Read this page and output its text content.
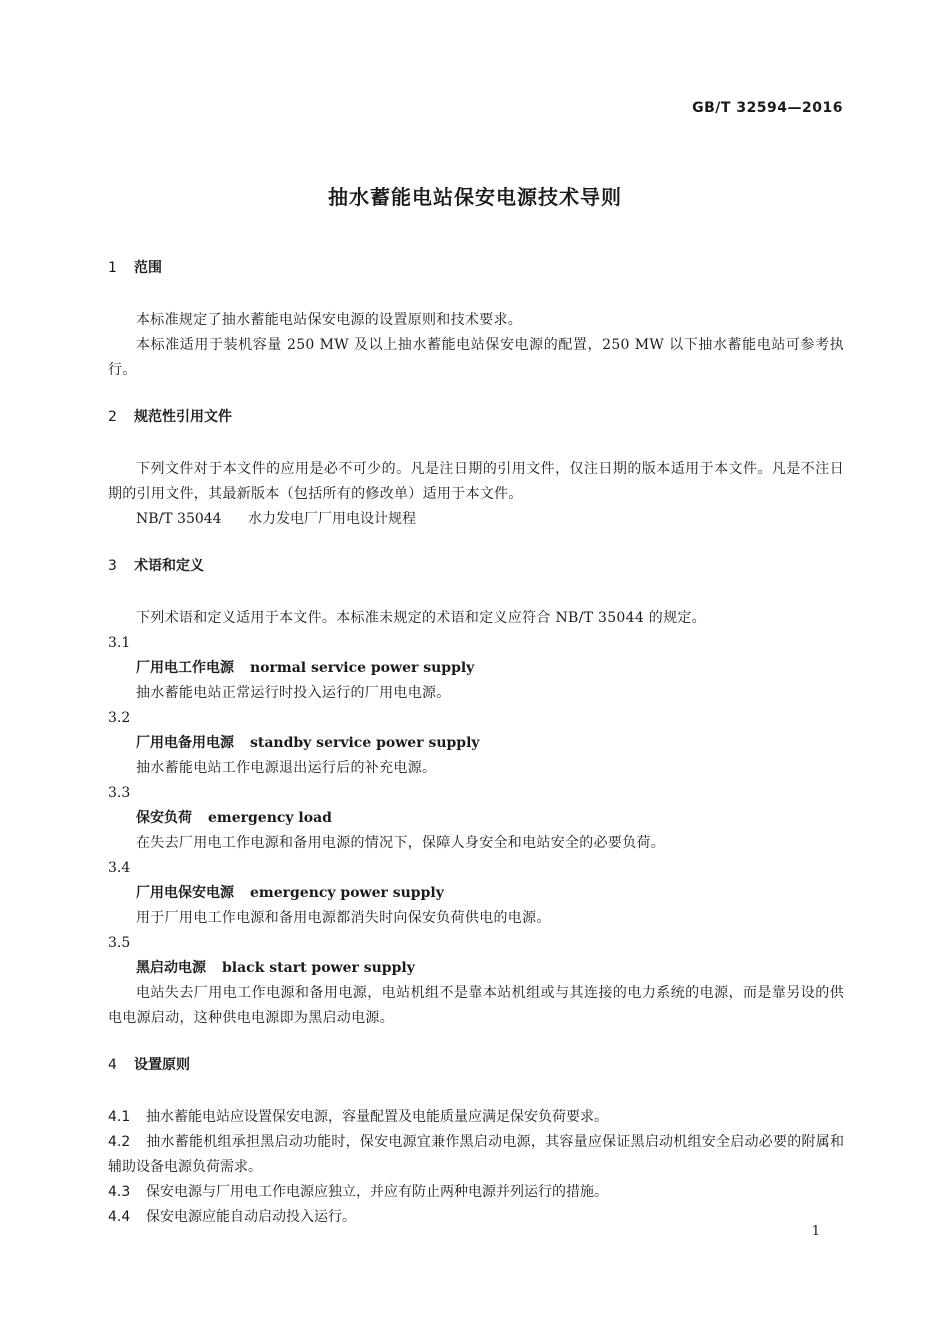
GB/T 32594—2016
抽水蓄能电站保安电源技术导则
1 范围

本标准规定了抽水蓄能电站保安电源的设置原则和技术要求。

本标准适用于装机容量 250 MW 及以上抽水蓄能电站保安电源的配置，250 MW 以下抽水蓄能电站可参考执行。

2 规范性引用文件

下列文件对于本文件的应用是必不可少的。凡是注日期的引用文件，仅注日期的版本适用于本文件。凡是不注日期的引用文件，其最新版本（包括所有的修改单）适用于本文件。

NB/T 35044 水力发电厂厂用电设计规程

3 术语和定义

下列术语和定义适用于本文件。本标准未规定的术语和定义应符合 NB/T 35044 的规定。

3.1

厂用电工作电源 normal service power supply

抽水蓄能电站正常运行时投入运行的厂用电电源。

3.2

厂用电备用电源 standby service power supply

抽水蓄能电站工作电源退出运行后的补充电源。

3.3

保安负荷 emergency load

在失去厂用电工作电源和备用电源的情况下，保障人身安全和电站安全的必要负荷。

3.4

厂用电保安电源 emergency power supply

用于厂用电工作电源和备用电源都消失时向保安负荷供电的电源。

3.5

黑启动电源 black start power supply

电站失去厂用电工作电源和备用电源，电站机组不是靠本站机组或与其连接的电力系统的电源，而是靠另设的供电电源启动，这种供电电源即为黑启动电源。

4 设置原则

4.1 抽水蓄能电站应设置保安电源，容量配置及电能质量应满足保安负荷要求。

4.2 抽水蓄能机组承担黑启动功能时，保安电源宜兼作黑启动电源，其容量应保证黑启动机组安全启动必要的附属和辅助设备电源负荷需求。

4.3 保安电源与厂用电工作电源应独立，并应有防止两种电源并列运行的措施。

4.4 保安电源应能自动启动投入运行。

1
